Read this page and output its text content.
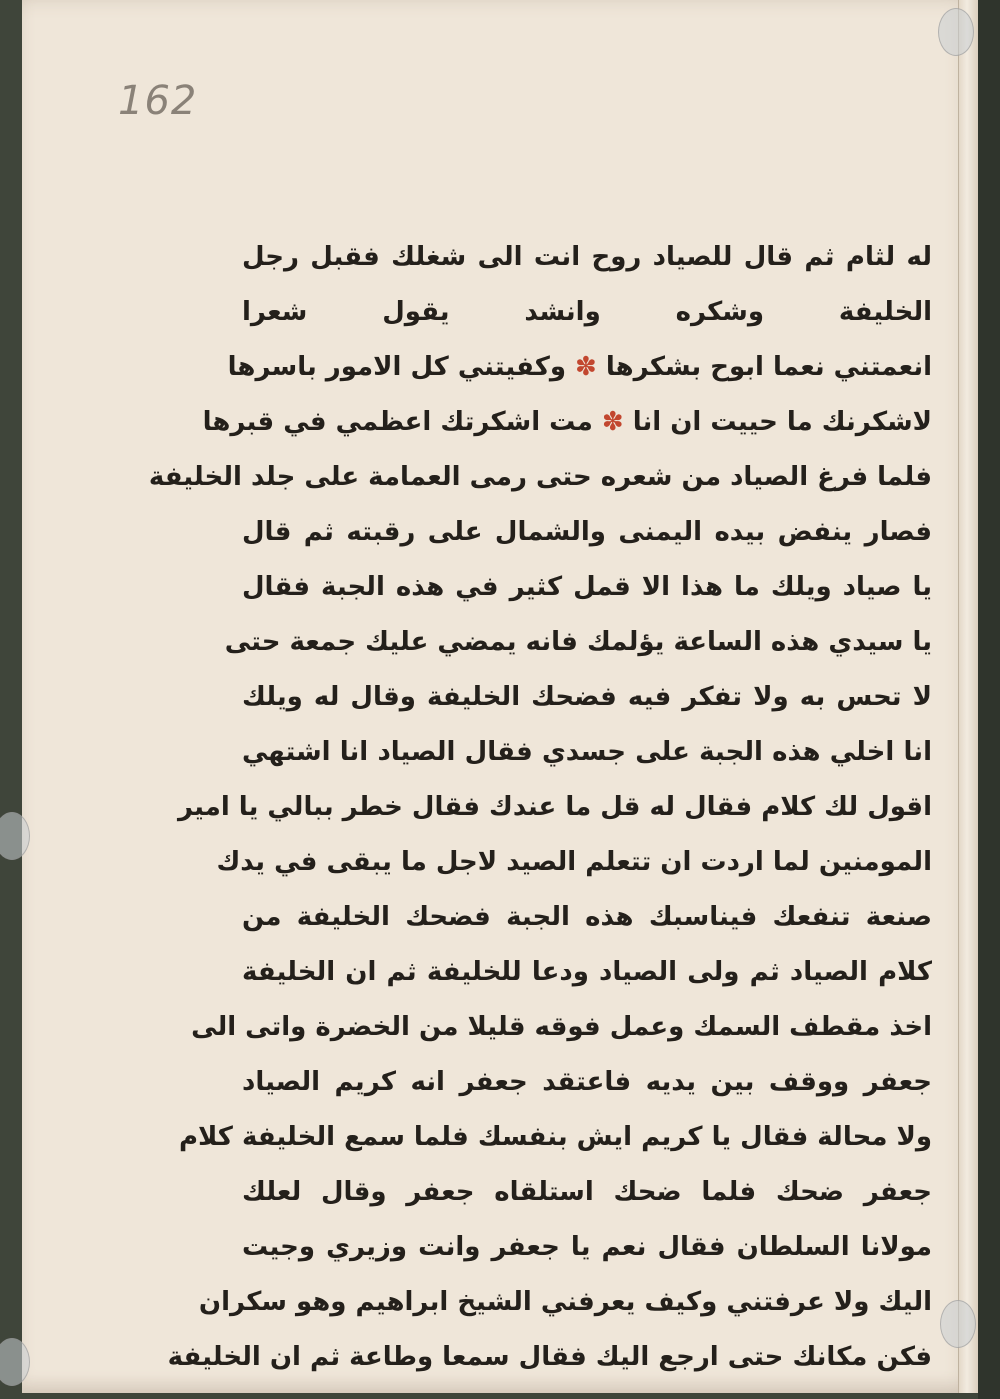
162
له لثام ثم قال للصياد روح انت الى شغلك فقبل رجل
الخليفة وشكره وانشد يقول شعرا
انعمتني نعما ابوح بشكرها ✽ وكفيتني كل الامور باسرها
لاشكرنك ما حييت ان انا ✽ مت اشكرتك اعظمي في قبرها
فلما فرغ الصياد من شعره حتى رمى العمامة على جلد الخليفة
فصار ينفض بيده اليمنى والشمال على رقبته ثم قال
يا صياد ويلك ما هذا الا قمل كثير في هذه الجبة فقال
يا سيدي هذه الساعة يؤلمك فانه يمضي عليك جمعة حتى
لا تحس به ولا تفكر فيه فضحك الخليفة وقال له ويلك
انا اخلي هذه الجبة على جسدي فقال الصياد انا اشتهي
اقول لك كلام فقال له قل ما عندك فقال خطر ببالي يا امير
المومنين لما اردت ان تتعلم الصيد لاجل ما يبقى في يدك
صنعة تنفعك فيناسبك هذه الجبة فضحك الخليفة من
كلام الصياد ثم ولى الصياد ودعا للخليفة ثم ان الخليفة
اخذ مقطف السمك وعمل فوقه قليلا من الخضرة واتى الى
جعفر ووقف بين يديه فاعتقد جعفر انه كريم الصياد
ولا محالة فقال يا كريم ايش بنفسك فلما سمع الخليفة كلام
جعفر ضحك فلما ضحك استلقاه جعفر وقال لعلك
مولانا السلطان فقال نعم يا جعفر وانت وزيري وجيت
اليك ولا عرفتني وكيف يعرفني الشيخ ابراهيم وهو سكران
فكن مكانك حتى ارجع اليك فقال سمعا وطاعة ثم ان الخليفة
